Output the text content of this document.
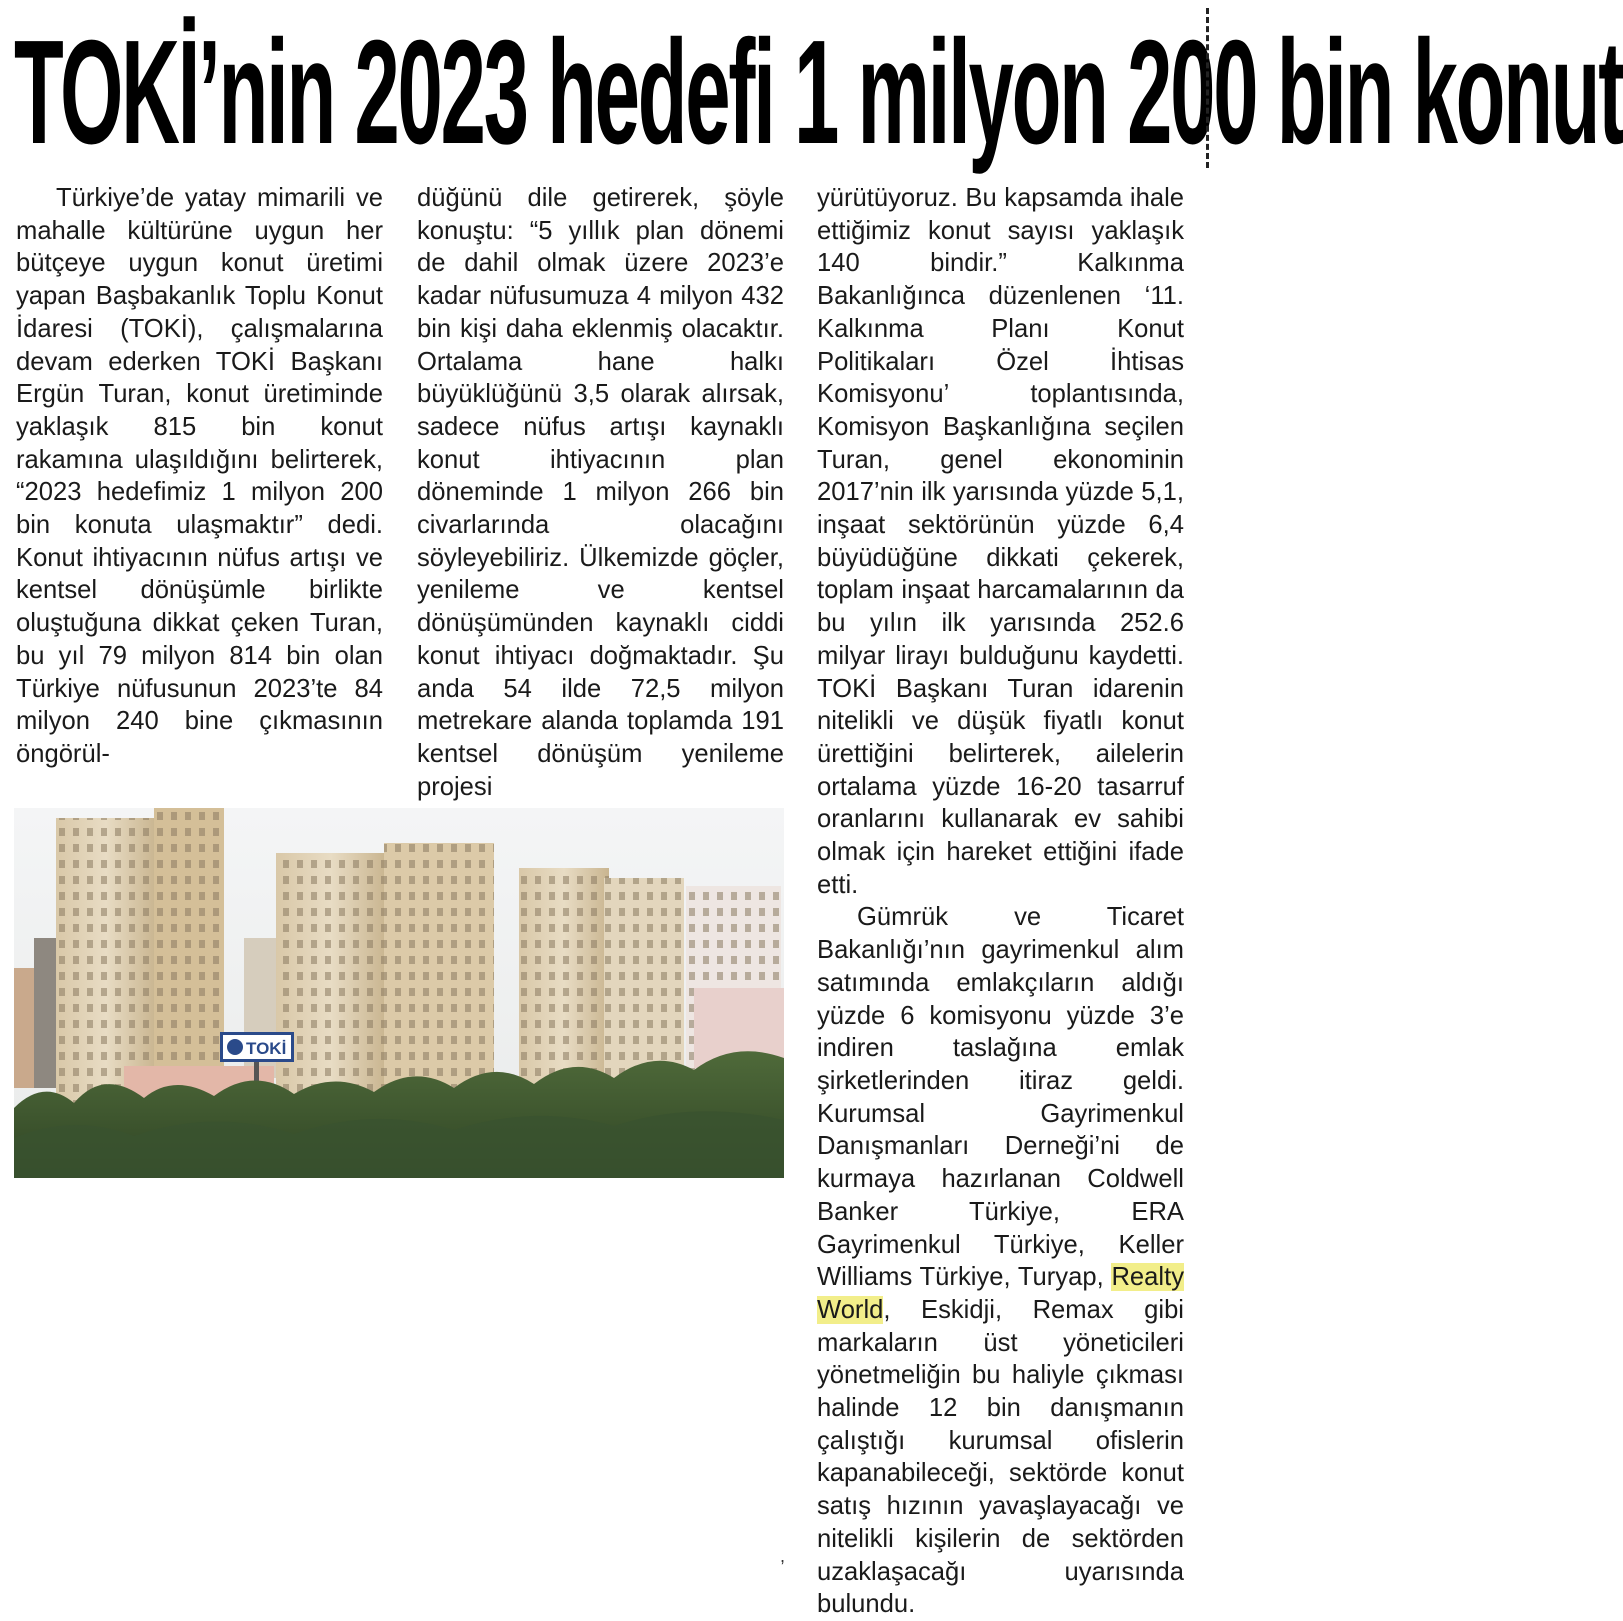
TOKİ’nin 2023 hedefi 1 milyon 200 bin konut

Türkiye’de yatay mimarili ve mahalle kültürüne uygun her bütçeye uygun konut üretimi yapan Başbakanlık Toplu Konut İdaresi (TOKİ), çalışmalarına devam ederken TOKİ Başkanı Ergün Turan, konut üretiminde yaklaşık 815 bin konut rakamına ulaşıldığını belirterek, “2023 hedefimiz 1 milyon 200 bin konuta ulaşmaktır” dedi. Konut ihtiyacının nüfus artışı ve kentsel dönüşümle birlikte oluştuğuna dikkat çeken Turan, bu yıl 79 milyon 814 bin olan Türkiye nüfusunun 2023’te 84 milyon 240 bine çıkmasının öngörül-

düğünü dile getirerek, şöyle konuştu: “5 yıllık plan dönemi de dahil olmak üzere 2023’e kadar nüfusumuza 4 milyon 432 bin kişi daha eklenmiş olacaktır. Ortalama hane halkı büyüklüğünü 3,5 olarak alırsak, sadece nüfus artışı kaynaklı konut ihtiyacının plan döneminde 1 milyon 266 bin civarlarında olacağını söyleyebiliriz. Ülkemizde göçler, yenileme ve kentsel dönüşümünden kaynaklı ciddi konut ihtiyacı doğmaktadır. Şu anda 54 ilde 72,5 milyon metrekare alanda toplamda 191 kentsel dönüşüm yenileme projesi

yürütüyoruz. Bu kapsamda ihale ettiğimiz konut sayısı yaklaşık 140 bindir.” Kalkınma Bakanlığınca düzenlenen ‘11. Kalkınma Planı Konut Politikaları Özel İhtisas Komisyonu’ toplantısında, Komisyon Başkanlığına seçilen Turan, genel ekonominin 2017’nin ilk yarısında yüzde 5,1, inşaat sektörünün yüzde 6,4 büyüdüğüne dikkati çekerek, toplam inşaat harcamalarının da bu yılın ilk yarısında 252.6 milyar lirayı bulduğunu kaydetti. TOKİ Başkanı Turan idarenin nitelikli ve düşük fiyatlı konut ürettiğini belirterek, ailelerin ortalama yüzde 16-20 tasarruf oranlarını kullanarak ev sahibi olmak için hareket ettiğini ifade etti.

Gümrük ve Ticaret Bakanlığı’nın gayrimenkul alım satımında emlakçıların aldığı yüzde 6 komisyonu yüzde 3’e indiren taslağına emlak şirketlerinden itiraz geldi. Kurumsal Gayrimenkul Danışmanları Derneği’ni de kurmaya hazırlanan Coldwell Banker Türkiye, ERA Gayrimenkul Türkiye, Keller Williams Türkiye, Turyap, Realty World, Eskidji, Remax gibi markaların üst yöneticileri yönetmeliğin bu haliyle çıkması halinde 12 bin danışmanın çalıştığı kurumsal ofislerin kapanabileceği, sektörde konut satış hızının yavaşlayacağı ve nitelikli kişilerin de sektörden uzaklaşacağı uyarısında bulundu.

TOKİ
,
